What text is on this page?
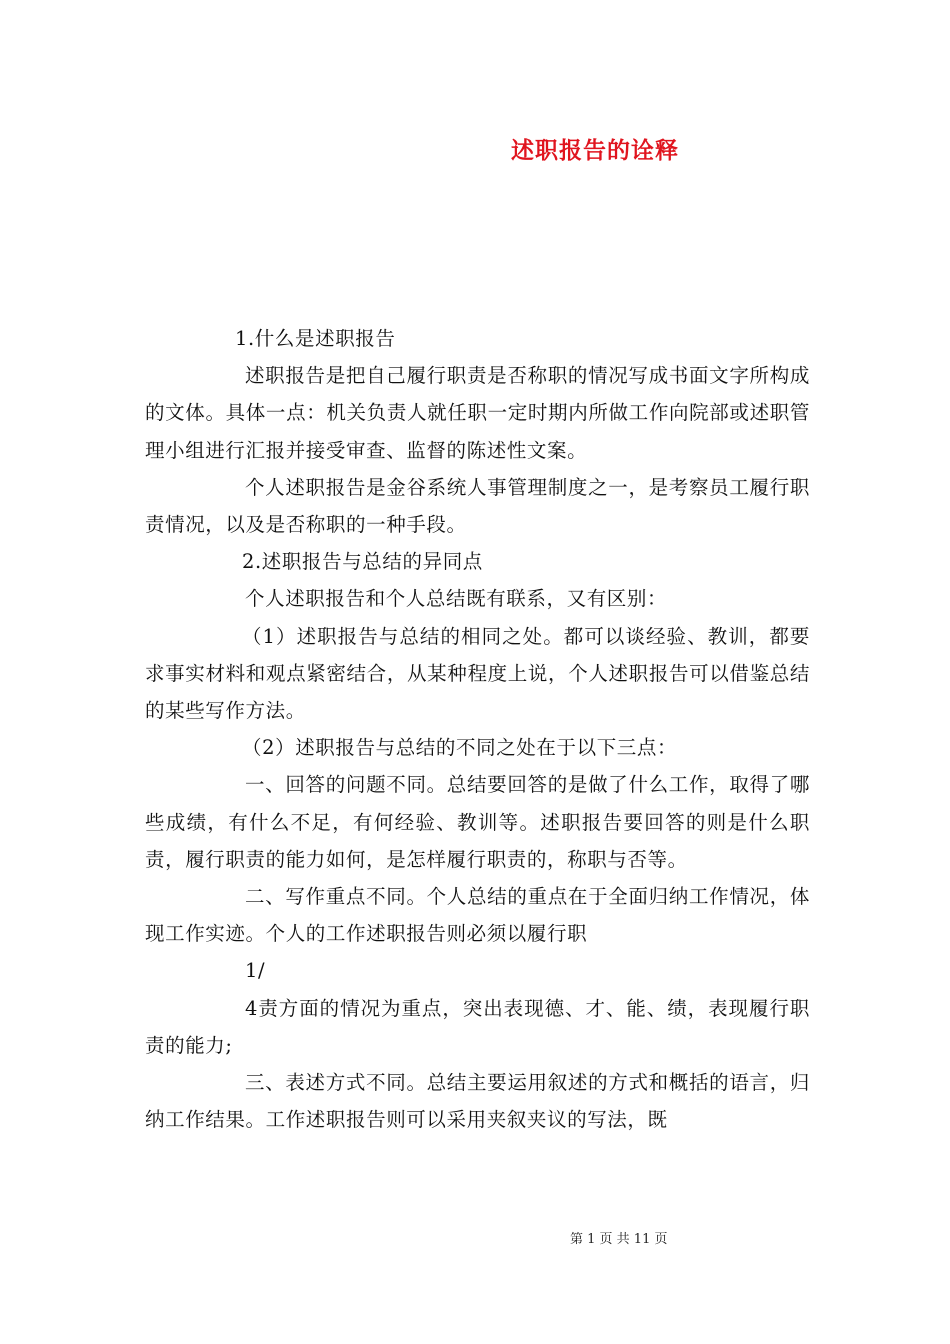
述职报告的诠释

1.什么是述职报告

述职报告是把自己履行职责是否称职的情况写成书面文字所构成的文体。具体一点：机关负责人就任职一定时期内所做工作向院部或述职管理小组进行汇报并接受审查、监督的陈述性文案。

个人述职报告是金谷系统人事管理制度之一，是考察员工履行职责情况，以及是否称职的一种手段。

2.述职报告与总结的异同点

个人述职报告和个人总结既有联系，又有区别：

（1）述职报告与总结的相同之处。都可以谈经验、教训，都要求事实材料和观点紧密结合，从某种程度上说，个人述职报告可以借鉴总结的某些写作方法。

（2）述职报告与总结的不同之处在于以下三点：

一、回答的问题不同。总结要回答的是做了什么工作，取得了哪些成绩，有什么不足，有何经验、教训等。述职报告要回答的则是什么职责，履行职责的能力如何，是怎样履行职责的，称职与否等。

二、写作重点不同。个人总结的重点在于全面归纳工作情况，体现工作实迹。个人的工作述职报告则必须以履行职

1/

4责方面的情况为重点，突出表现德、才、能、绩，表现履行职责的能力;

三、表述方式不同。总结主要运用叙述的方式和概括的语言，归纳工作结果。工作述职报告则可以采用夹叙夹议的写法，既

第 1 页 共 11 页
